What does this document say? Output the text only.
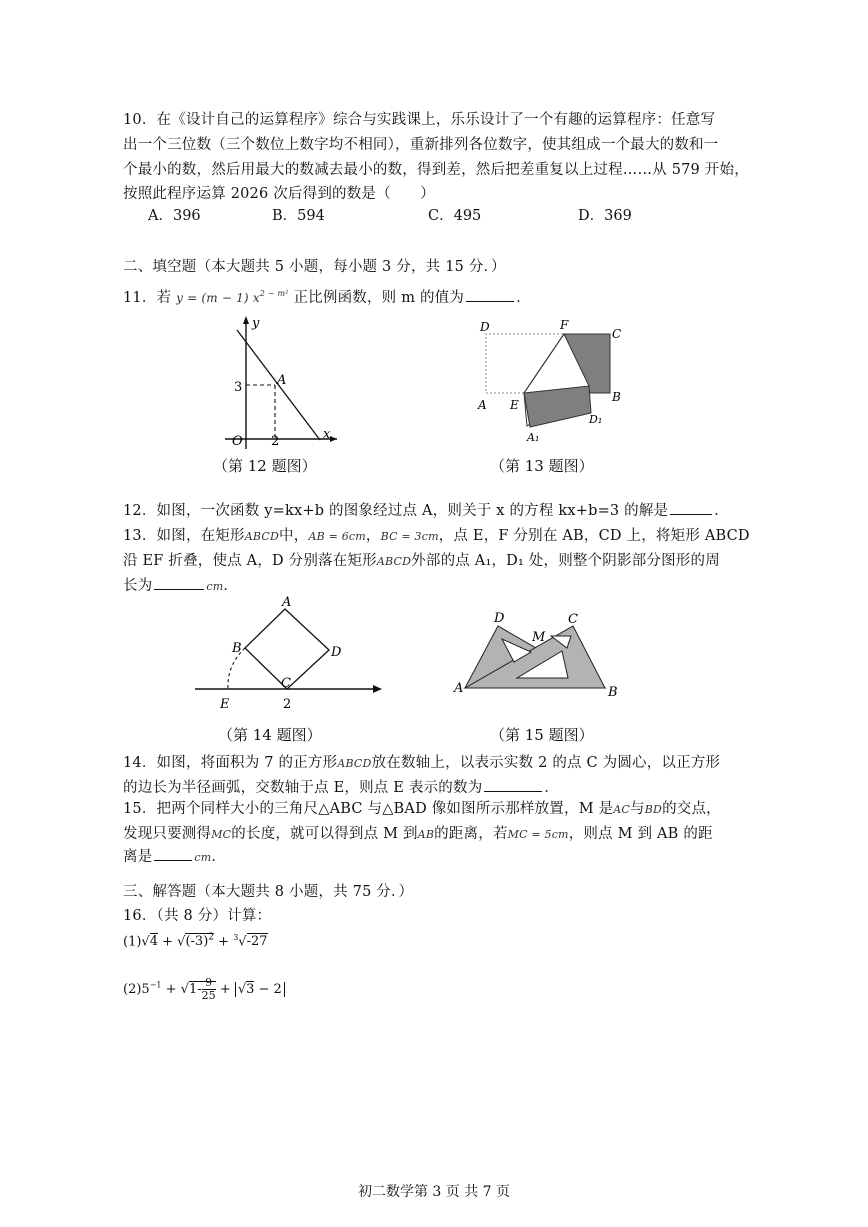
10．在《设计自己的运算程序》综合与实践课上，乐乐设计了一个有趣的运算程序：任意写
出一个三位数（三个数位上数字均不相同），重新排列各位数字，使其组成一个最大的数和一
个最小的数，然后用最大的数减去最小的数，得到差，然后把差重复以上过程……从 579 开始，
按照此程序运算 2026 次后得到的数是（　　）
A．396	B．594	C．495	D．369
二、填空题（本大题共 5 小题，每小题 3 分，共 15 分．）
11．若 y = (m − 1) $x^{2 - m^2}$ 正比例函数，则 m 的值为	．
y
x
O
3
2
A
（第 12 题图）
D	F
C
A E
B
D₁
A₁
（第 13 题图）
12．如图，一次函数 y=kx+b 的图象经过点 A，则关于 x 的方程 kx+b=3 的解是	．
13．如图，在矩形ABCD中，AB = 6cm，BC = 3cm，点 E，F 分别在 AB，CD 上，将矩形 ABCD
沿 EF 折叠，使点 A，D 分别落在矩形ABCD外部的点 A₁，D₁ 处，则整个阴影部分图形的周
长为	cm．
A
B	D
C
E	2
（第 14 题图）
D
M
C
A	B
（第 15 题图）
14．如图，将面积为 7 的正方形ABCD放在数轴上，以表示实数 2 的点 C 为圆心，以正方形
的边长为半径画弧，交数轴于点 E，则点 E 表示的数为	．
15．把两个同样大小的三角尺△ABC 与△BAD 像如图所示那样放置，M 是AC与BD的交点，
发现只要测得MC的长度，就可以得到点 M 到AB的距离，若MC = 5cm，则点 M 到 AB 的距
离是	cm．
三、解答题（本大题共 8 小题，共 75 分．）
16．（共 8 分）计算：
$(1)√4 + √(-3)^2 + ^3√-27$
$(2)5^{-1} + √1- \frac{9}{25} + √3 - 2$
初二数学第 3 页 共 7 页
